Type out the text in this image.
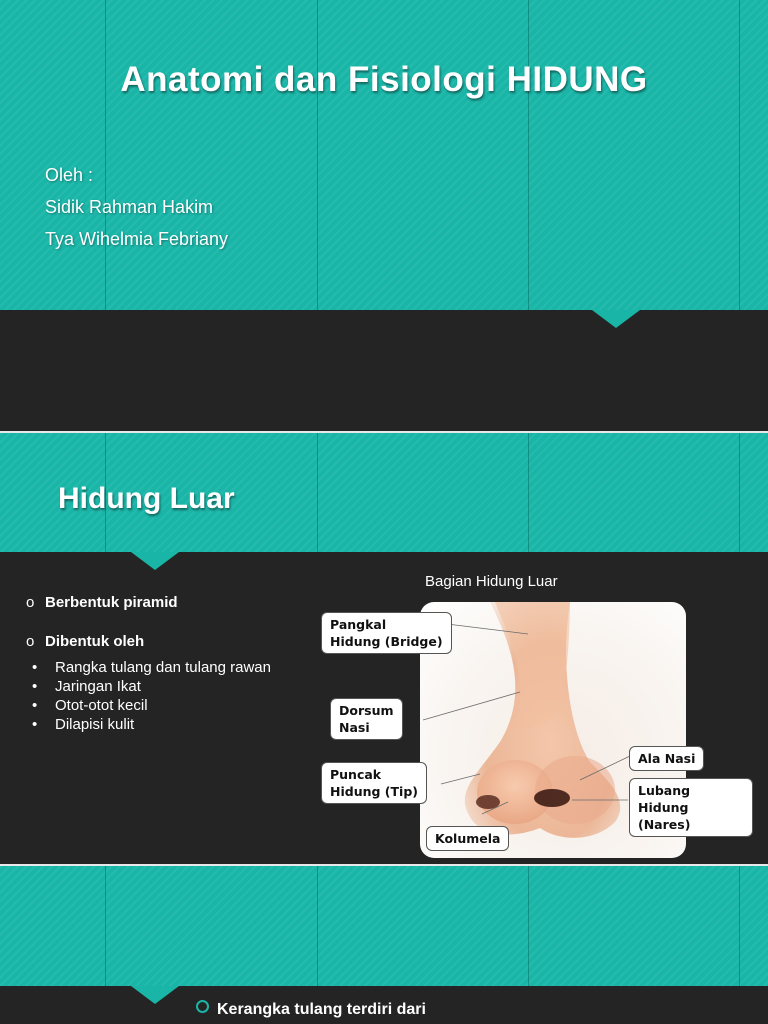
Anatomi dan Fisiologi HIDUNG
Oleh :
Sidik Rahman Hakim
Tya Wihelmia Febriany
Hidung Luar
o Berbentuk piramid
o Dibentuk oleh
• Rangka tulang dan tulang rawan
• Jaringan Ikat
• Otot-otot kecil
• Dilapisi kulit
Bagian Hidung Luar
Pangkal
Hidung (Bridge)
Dorsum
Nasi
Puncak
Hidung (Tip)
Kolumela
Ala Nasi
Lubang Hidung
(Nares)
Kerangka tulang terdiri dari
